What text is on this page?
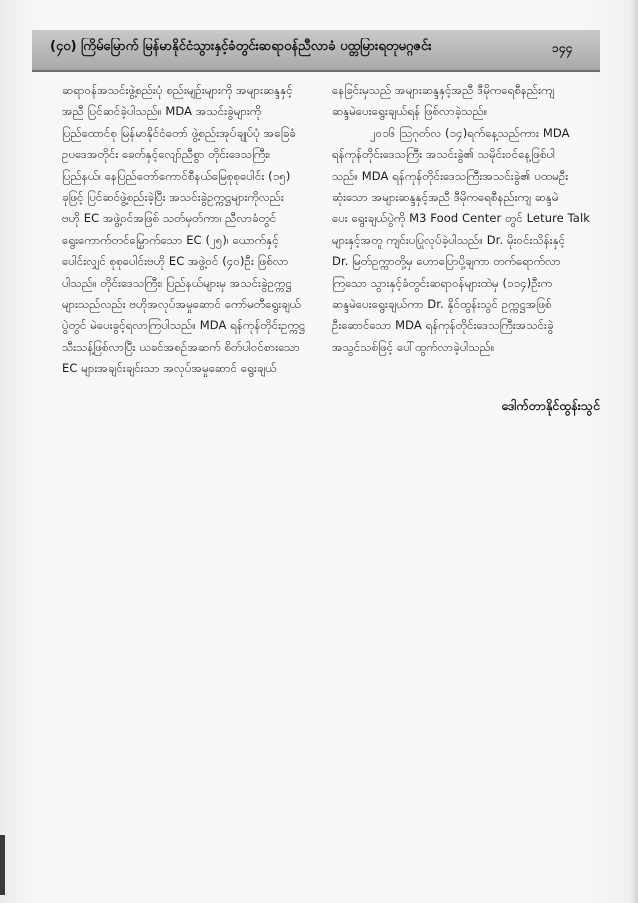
(၄၀) ကြိမ်မြောက် မြန်မာနိုင်ငံသွားနှင့်ခံတွင်းဆရာဝန်ညီလာခံ ပထ္တမြားရတုမဂ္ဂဇင်း	၁၄၄
ဆရာဝန်အသင်းဖွဲ့စည်းပုံ စည်းမျဉ်းများကို အများဆန္ဒနှင့်
အညီ ပြင်ဆင်ခဲ့ပါသည်။ MDA အသင်းခွဲများကို
ပြည်ထောင်စု မြန်မာနိုင်ငံတော် ဖွဲ့စည်းအုပ်ချုပ်ပုံ အခြေခံ
ဥပဒေအတိုင်း ခေတ်နှင့်လျော်ညီစွာ တိုင်းဒေသကြီး၊
ပြည်နယ်၊ နေပြည်တော်ကောင်စီနယ်မြေစုစုပေါင်း (၁၅)
ခုဖြင့် ပြင်ဆင်ဖွဲ့စည်းခဲ့ပြီး အသင်းခွဲဥက္ကဋ္ဌများကိုလည်း
ဗဟို EC အဖွဲ့ဝင်အဖြစ် သတ်မှတ်ကာ၊ ညီလာခံတွင်
ရွေးကောက်တင်မြှောက်သော EC (၂၅)၊ ယောက်နှင့်
ပေါင်းလျှင် စုစုပေါင်းဗဟို EC အဖွဲ့ဝင် (၄၀)ဦး ဖြစ်လာ
ပါသည်။ တိုင်းဒေသကြီး၊ ပြည်နယ်များမှ အသင်းခွဲဥက္ကဋ္ဌ
များသည်လည်း ဗဟိုအလုပ်အမှုဆောင် ကော်မတီရွေးချယ်
ပွဲတွင် မဲပေးခွင့်ရလာကြပါသည်။ MDA ရန်ကုန်တိုင်းဥက္ကဋ္ဌ
သီးသန့်ဖြစ်လာပြီး ယခင်အစဉ်အဆက် စိတ်ပါဝင်စားသော
EC များအချင်းချင်းသာ အလုပ်အမှုဆောင် ရွေးချယ်
နေခြင်းမှသည် အများဆန္ဒနှင့်အညီ ဒီမိုကရေစီနည်းကျ
ဆန္ဒမဲပေးရွေးချယ်ရန် ဖြစ်လာခဲ့သည်။
၂၀၁၆ ဩဂုတ်လ (၁၄)ရက်နေ့သည်ကား MDA
ရန်ကုန်တိုင်းဒေသကြီး အသင်းခွဲ၏ သမိုင်းဝင်နေ့ဖြစ်ပါ
သည်။ MDA ရန်ကုန်တိုင်းဒေသကြီးအသင်းခွဲ၏ ပထမဦး
ဆုံးသော အများဆန္ဒနှင့်အညီ ဒီမိုကရေစီနည်းကျ ဆန္ဒမဲ
ပေး ရွေးချယ်ပွဲကို M3 Food Center တွင် Leture Talk
များနှင့်အတူ ကျင်းပပြုလုပ်ခဲ့ပါသည်။ Dr. မိုးဝင်းသိန်းနှင့်
Dr. မြတ်ဥက္ကာတို့မှ ဟောပြောပို့ချကာ တက်ရောက်လာ
ကြသော သွားနှင့်ခံတွင်းဆရာဝန်များထဲမှ (၁၁၄)ဦးက
ဆန္ဒမဲပေးရွေးချယ်ကာ Dr. နိုင်ထွန်းသွင် ဥက္ကဋ္ဌအဖြစ်
ဦးဆောင်သော MDA ရန်ကုန်တိုင်းဒေသကြီးအသင်းခွဲ
အသွင်သစ်ဖြင့် ပေါ်ထွက်လာခဲ့ပါသည်။
ဒေါက်တာနိုင်ထွန်းသွင်
